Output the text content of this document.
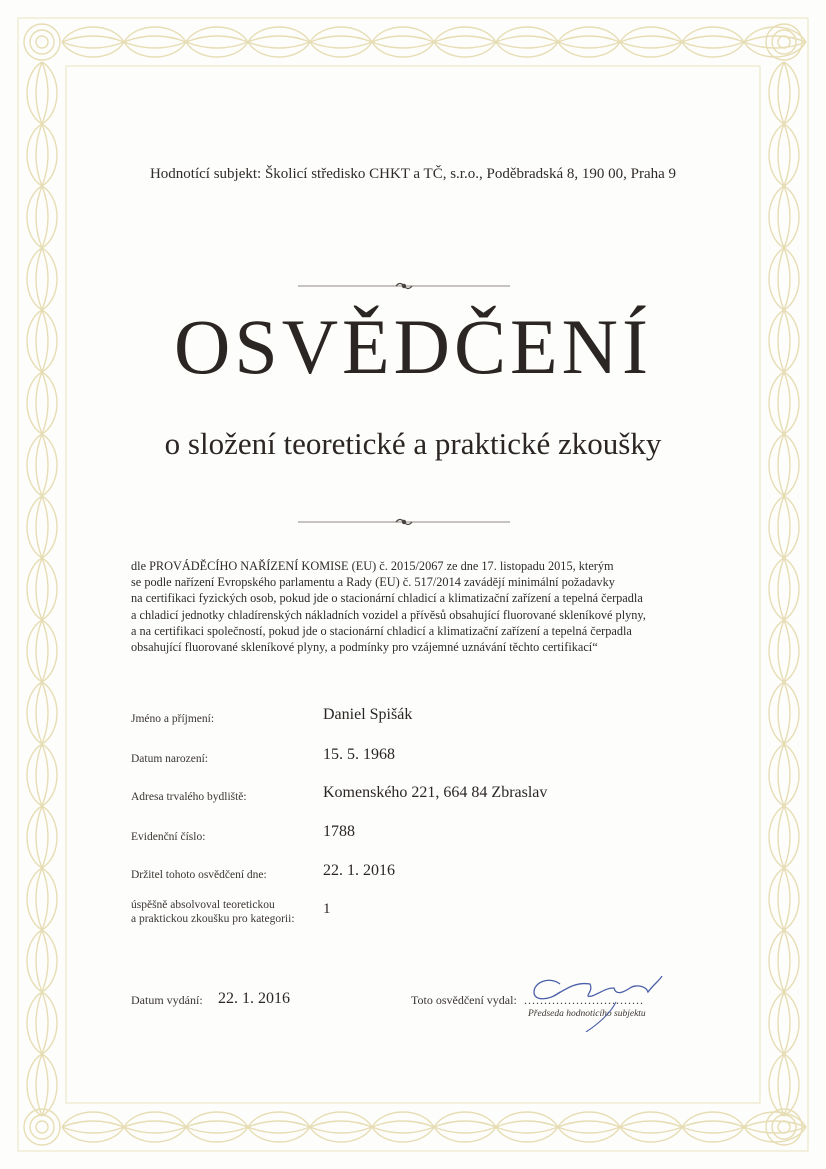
Hodnotící subjekt: Školicí středisko CHKT a TČ, s.r.o., Poděbradská 8, 190 00, Praha 9
OSVĚDČENÍ
o složení teoretické a praktické zkoušky
dle PROVÁDĚCÍHO NAŘÍZENÍ KOMISE (EU) č. 2015/2067 ze dne 17. listopadu 2015, kterým
se podle nařízení Evropského parlamentu a Rady (EU) č. 517/2014 zavádějí minimální požadavky
na certifikaci fyzických osob, pokud jde o stacionární chladicí a klimatizační zařízení a tepelná čerpadla
a chladicí jednotky chladírenských nákladních vozidel a přívěsů obsahující fluorované skleníkové plyny,
a na certifikaci společností, pokud jde o stacionární chladicí a klimatizační zařízení a tepelná čerpadla
obsahující fluorované skleníkové plyny, a podmínky pro vzájemné uznávání těchto certifikací“
Jméno a příjmení:	Daniel Spišák
Datum narození:	15. 5. 1968
Adresa trvalého bydliště:	Komenského 221, 664 84 Zbraslav
Evidenční číslo:	1788
Držitel tohoto osvědčení dne:	22. 1. 2016
úspěšně absolvoval teoretickou
a praktickou zkoušku pro kategorii:
1
Datum vydání: 22. 1. 2016	Toto osvědčení vydal: ..............................
Předseda hodnoticího subjektu
